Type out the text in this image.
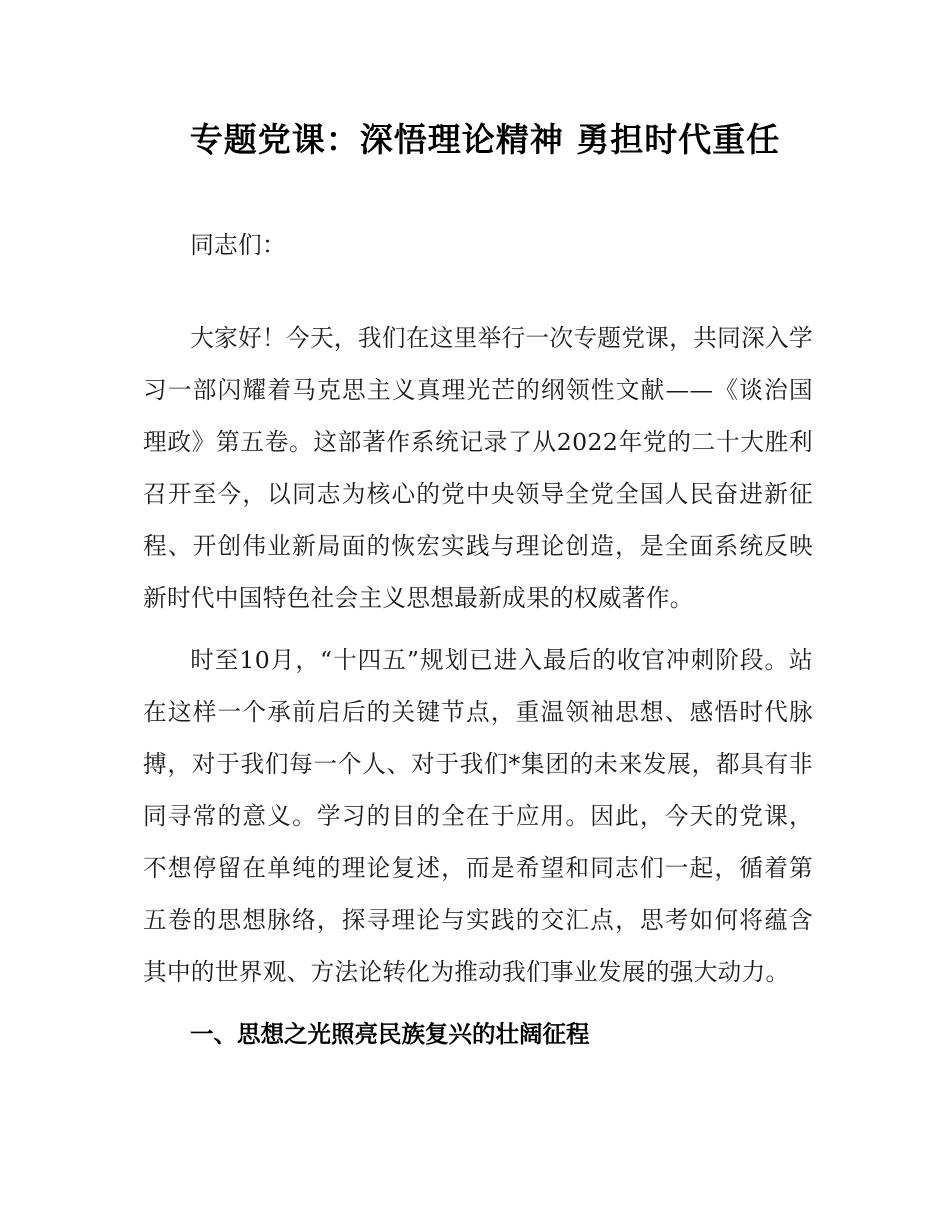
专题党课：深悟理论精神 勇担时代重任

同志们：

大家好！今天，我们在这里举行一次专题党课，共同深入学习一部闪耀着马克思主义真理光芒的纲领性文献——《谈治国理政》第五卷。这部著作系统记录了从2022年党的二十大胜利召开至今，以同志为核心的党中央领导全党全国人民奋进新征程、开创伟业新局面的恢宏实践与理论创造，是全面系统反映新时代中国特色社会主义思想最新成果的权威著作。

时至10月，“十四五”规划已进入最后的收官冲刺阶段。站在这样一个承前启后的关键节点，重温领袖思想、感悟时代脉搏，对于我们每一个人、对于我们*集团的未来发展，都具有非同寻常的意义。学习的目的全在于应用。因此，今天的党课，不想停留在单纯的理论复述，而是希望和同志们一起，循着第五卷的思想脉络，探寻理论与实践的交汇点，思考如何将蕴含其中的世界观、方法论转化为推动我们事业发展的强大动力。

一、思想之光照亮民族复兴的壮阔征程
